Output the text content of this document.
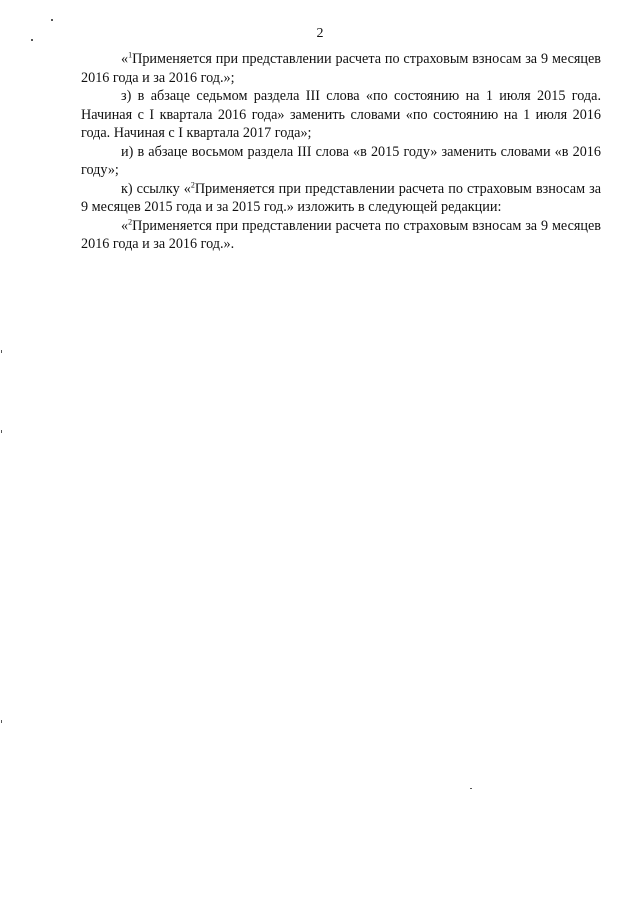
2

«$^1$Применяется при представлении расчета по страховым взносам за 9 месяцев 2016 года и за 2016 год.»;

з) в абзаце седьмом раздела III слова «по состоянию на 1 июля 2015 года. Начиная с I квартала 2016 года» заменить словами «по состоянию на 1 июля 2016 года. Начиная с I квартала 2017 года»;

и) в абзаце восьмом раздела III слова «в 2015 году» заменить словами «в 2016 году»;

к) ссылку «$^2$Применяется при представлении расчета по страховым взносам за 9 месяцев 2015 года и за 2015 год.» изложить в следующей редакции:

«$^2$Применяется при представлении расчета по страховым взносам за 9 месяцев 2016 года и за 2016 год.».
